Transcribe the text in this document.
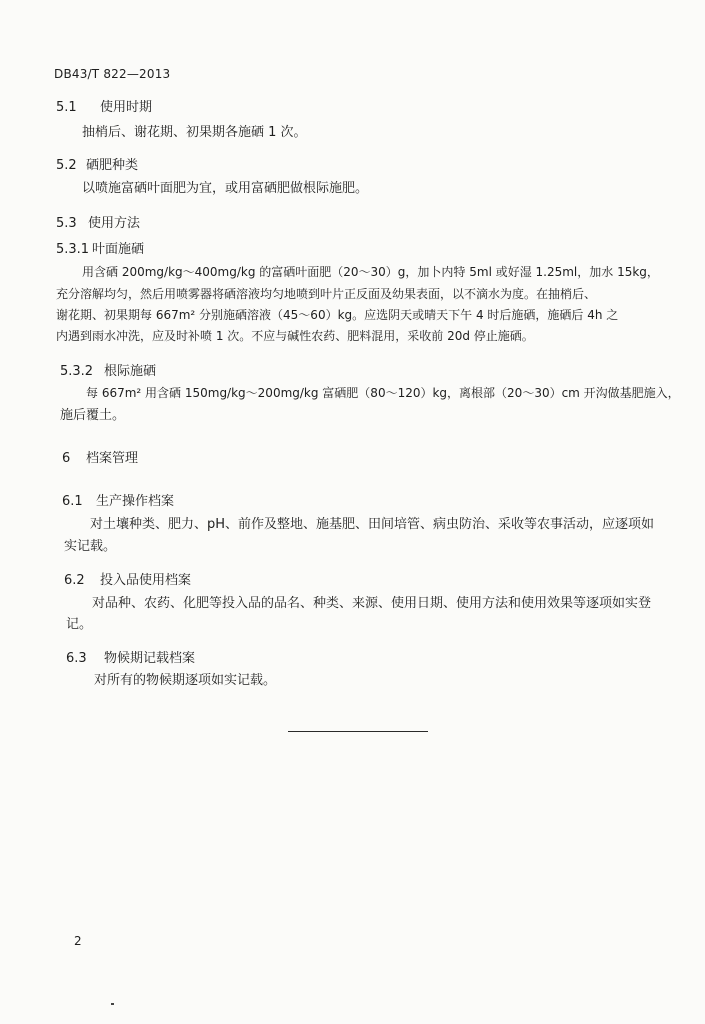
DB43/T 822—2013
5.1 使用时期
抽梢后、谢花期、初果期各施硒 1 次。
5.2 硒肥种类
以喷施富硒叶面肥为宜，或用富硒肥做根际施肥。
5.3 使用方法
5.3.1 叶面施硒
用含硒 200mg/kg～400mg/kg 的富硒叶面肥（20～30）g，加卜内特 5ml 或好湿 1.25ml，加水 15kg，
充分溶解均匀，然后用喷雾器将硒溶液均匀地喷到叶片正反面及幼果表面，以不滴水为度。在抽梢后、
谢花期、初果期每 667m² 分别施硒溶液（45～60）kg。应选阴天或晴天下午 4 时后施硒，施硒后 4h 之
内遇到雨水冲洗，应及时补喷 1 次。不应与碱性农药、肥料混用，采收前 20d 停止施硒。
5.3.2 根际施硒
每 667m² 用含硒 150mg/kg～200mg/kg 富硒肥（80～120）kg，离根部（20～30）cm 开沟做基肥施入，
施后覆土。
6 档案管理
6.1 生产操作档案
对土壤种类、肥力、pH、前作及整地、施基肥、田间培管、病虫防治、采收等农事活动，应逐项如
实记载。
6.2 投入品使用档案
对品种、农药、化肥等投入品的品名、种类、来源、使用日期、使用方法和使用效果等逐项如实登
记。
6.3 物候期记载档案
对所有的物候期逐项如实记载。
2
